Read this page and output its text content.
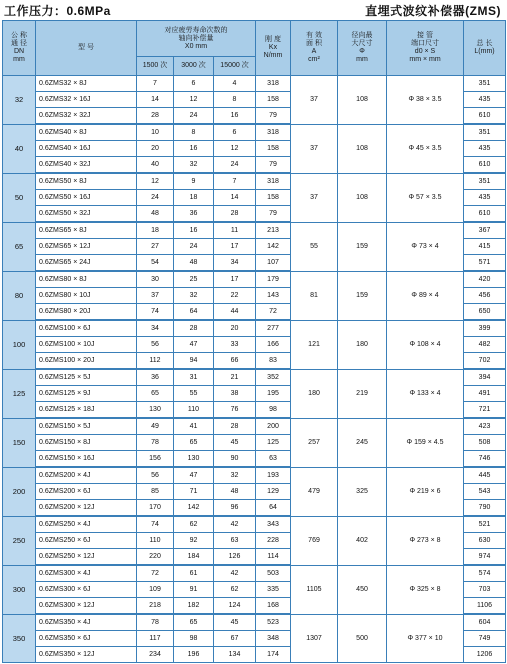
工作压力：0.6MPa	直埋式波纹补偿器(ZMS)
公 称
通 径
DN
mm	型 号	对应疲劳寿命次数的
轴向补偿量
X0 mm			刚 度
Kx
N/mm	有 效
面 积
A
cm²	径向最
大尺寸
Φ
mm	接 管
端口尺寸
d0 × S
mm × mm	总 长
L(mm)
		1500 次	3000 次	15000 次					
32	0.6ZMS32 × 8J	7	6	4	318	37	108	Φ 38 × 3.5	351
	0.6ZMS32 × 16J	14	12	8	158				435
	0.6ZMS32 × 32J	28	24	16	79				610
40	0.6ZMS40 × 8J	10	8	6	318	37	108	Φ 45 × 3.5	351
	0.6ZMS40 × 16J	20	16	12	158				435
	0.6ZMS40 × 32J	40	32	24	79				610
50	0.6ZMS50 × 8J	12	9	7	318	37	108	Φ 57 × 3.5	351
	0.6ZMS50 × 16J	24	18	14	158				435
	0.6ZMS50 × 32J	48	36	28	79				610
65	0.6ZMS65 × 8J	18	16	11	213	55	159	Φ 73 × 4	367
	0.6ZMS65 × 12J	27	24	17	142				415
	0.6ZMS65 × 24J	54	48	34	107				571
80	0.6ZMS80 × 8J	30	25	17	179	81	159	Φ 89 × 4	420
	0.6ZMS80 × 10J	37	32	22	143				456
	0.6ZMS80 × 20J	74	64	44	72				650
100	0.6ZMS100 × 6J	34	28	20	277	121	180	Φ 108 × 4	399
	0.6ZMS100 × 10J	56	47	33	166				482
	0.6ZMS100 × 20J	112	94	66	83				702
125	0.6ZMS125 × 5J	36	31	21	352	180	219	Φ 133 × 4	394
	0.6ZMS125 × 9J	65	55	38	195				491
	0.6ZMS125 × 18J	130	110	76	98				721
150	0.6ZMS150 × 5J	49	41	28	200	257	245	Φ 159 × 4.5	423
	0.6ZMS150 × 8J	78	65	45	125				508
	0.6ZMS150 × 16J	156	130	90	63				746
200	0.6ZMS200 × 4J	56	47	32	193	479	325	Φ 219 × 6	445
	0.6ZMS200 × 6J	85	71	48	129				543
	0.6ZMS200 × 12J	170	142	96	64				790
250	0.6ZMS250 × 4J	74	62	42	343	769	402	Φ 273 × 8	521
	0.6ZMS250 × 6J	110	92	63	228				630
	0.6ZMS250 × 12J	220	184	126	114				974
300	0.6ZMS300 × 4J	72	61	42	503	1105	450	Φ 325 × 8	574
	0.6ZMS300 × 6J	109	91	62	335				703
	0.6ZMS300 × 12J	218	182	124	168				1106
350	0.6ZMS350 × 4J	78	65	45	523	1307	500	Φ 377 × 10	604
	0.6ZMS350 × 6J	117	98	67	348				749
	0.6ZMS350 × 12J	234	196	134	174				1206
